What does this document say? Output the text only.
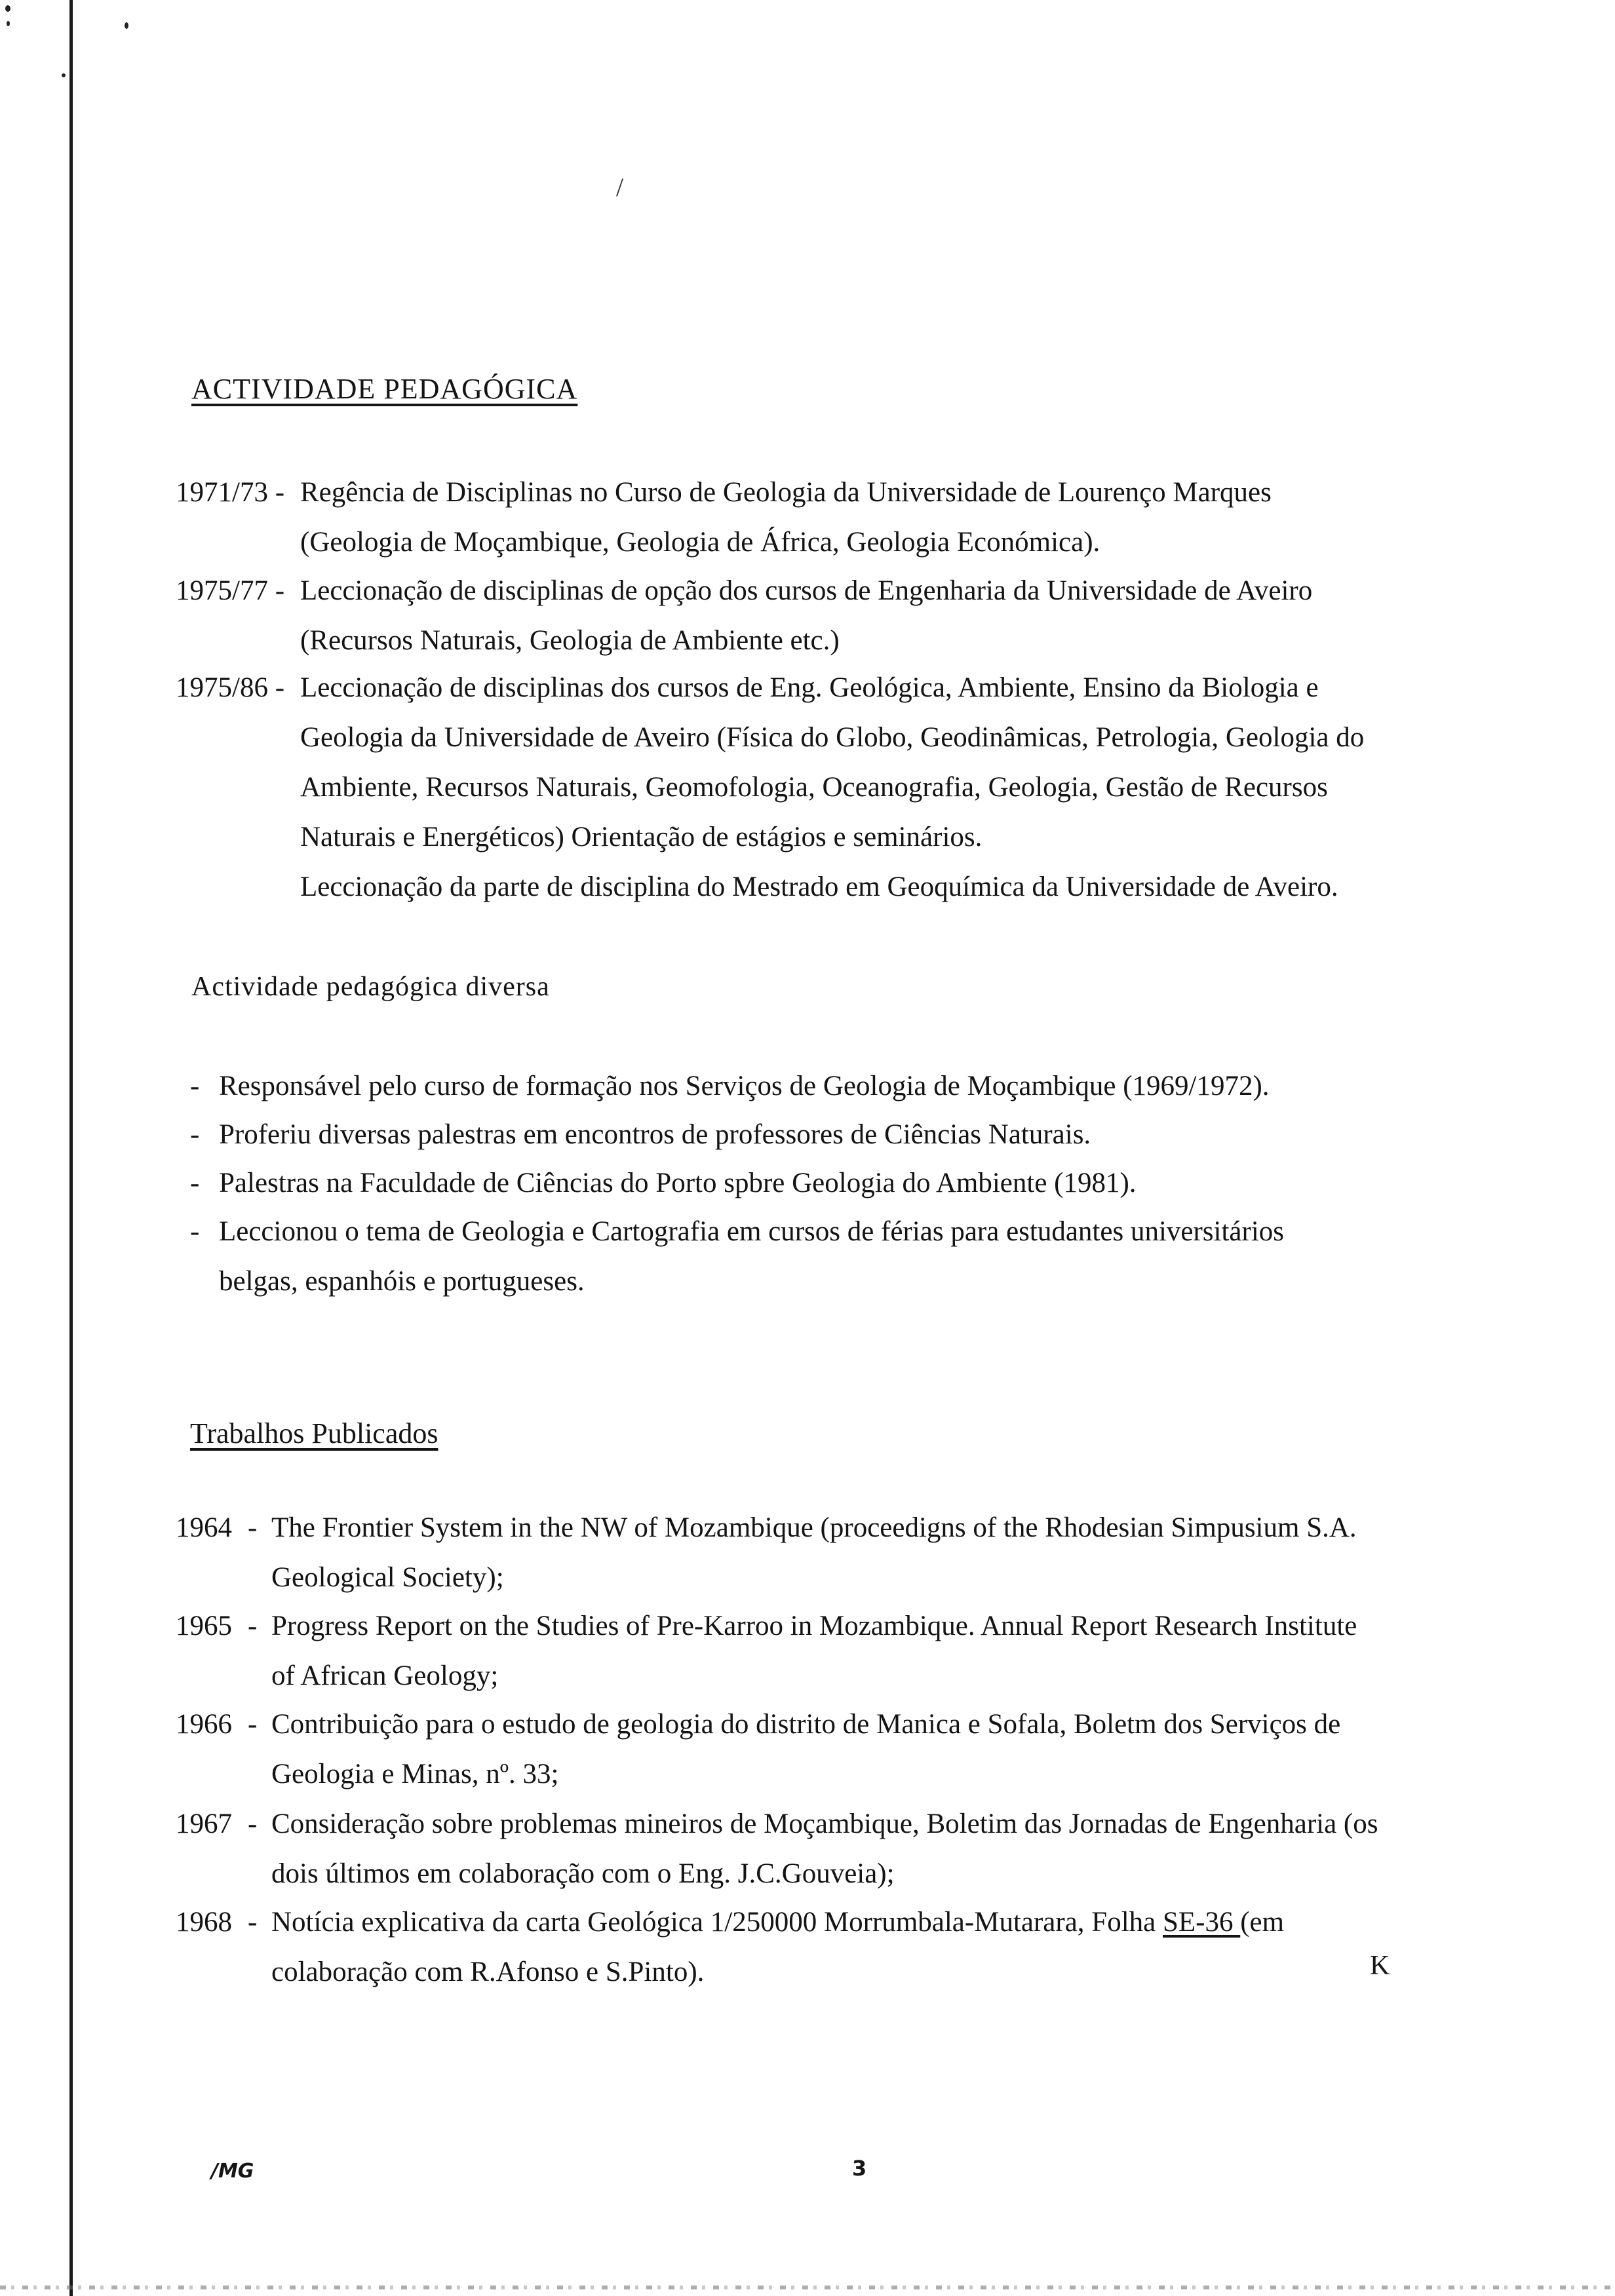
/
ACTIVIDADE PEDAGÓGICA
1971/73 - Regência de Disciplinas no Curso de Geologia da Universidade de Lourenço Marques
(Geologia de Moçambique, Geologia de África, Geologia Económica).
1975/77 - Leccionação de disciplinas de opção dos cursos de Engenharia da Universidade de Aveiro
(Recursos Naturais, Geologia de Ambiente etc.)
1975/86 - Leccionação de disciplinas dos cursos de Eng. Geológica, Ambiente, Ensino da Biologia e
Geologia da Universidade de Aveiro (Física do Globo, Geodinâmicas, Petrologia, Geologia do
Ambiente, Recursos Naturais, Geomofologia, Oceanografia, Geologia, Gestão de Recursos
Naturais e Energéticos) Orientação de estágios e seminários.
Leccionação da parte de disciplina do Mestrado em Geoquímica da Universidade de Aveiro.
Actividade pedagógica diversa
- Responsável pelo curso de formação nos Serviços de Geologia de Moçambique (1969/1972).
- Proferiu diversas palestras em encontros de professores de Ciências Naturais.
- Palestras na Faculdade de Ciências do Porto spbre Geologia do Ambiente (1981).
- Leccionou o tema de Geologia e Cartografia em cursos de férias para estudantes universitários
belgas, espanhóis e portugueses.
Trabalhos Publicados
1964 - The Frontier System in the NW of Mozambique (proceedigns of the Rhodesian Simpusium S.A.
Geological Society);
1965 - Progress Report on the Studies of Pre-Karroo in Mozambique. Annual Report Research Institute
of African Geology;
1966 - Contribuição para o estudo de geologia do distrito de Manica e Sofala, Boletm dos Serviços de
Geologia e Minas, nº. 33;
1967 - Consideração sobre problemas mineiros de Moçambique, Boletim das Jornadas de Engenharia (os
dois últimos em colaboração com o Eng. J.C.Gouveia);
1968 - Notícia explicativa da carta Geológica 1/250000 Morrumbala-Mutarara, Folha SE-36 (em
colaboração com R.Afonso e S.Pinto).	K
/MG	3
